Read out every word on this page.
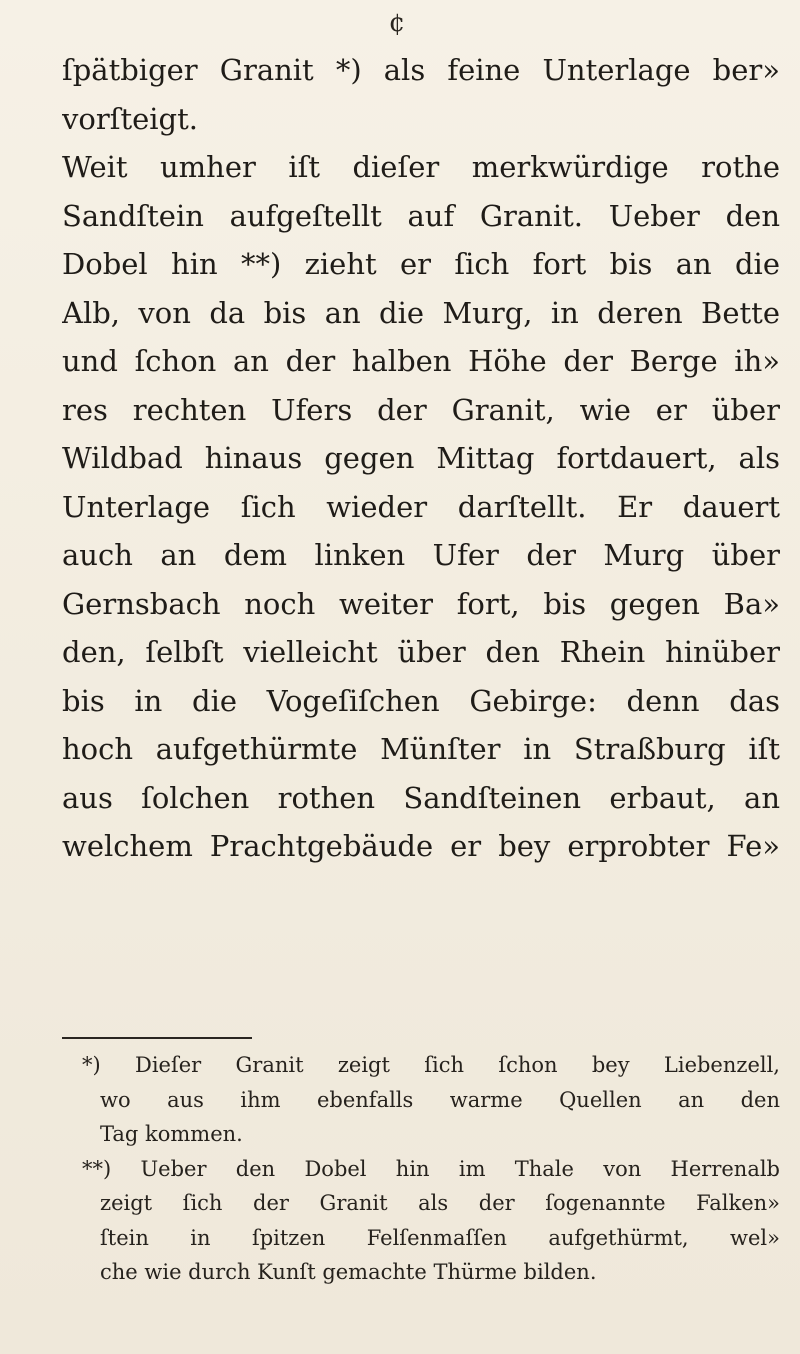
¢
ſpätbiger Granit *) als feine Unterlage ber»
vorſteigt.
Weit umher iſt dieſer merkwürdige rothe
Sandſtein aufgeſtellt auf Granit. Ueber den
Dobel hin **) zieht er ſich fort bis an die
Alb, von da bis an die Murg, in deren Bette
und ſchon an der halben Höhe der Berge ih»
res rechten Ufers der Granit, wie er über
Wildbad hinaus gegen Mittag fortdauert, als
Unterlage ſich wieder darſtellt. Er dauert
auch an dem linken Ufer der Murg über
Gernsbach noch weiter fort, bis gegen Ba»
den, ſelbſt vielleicht über den Rhein hinüber
bis in die Vogeſiſchen Gebirge: denn das
hoch aufgethürmte Münſter in Straßburg iſt
aus ſolchen rothen Sandſteinen erbaut, an
welchem Prachtgebäude er bey erprobter Fe»
*) Dieſer Granit zeigt ſich ſchon bey Liebenzell,
wo aus ihm ebenfalls warme Quellen an den
Tag kommen.
**) Ueber den Dobel hin im Thale von Herrenalb
zeigt ſich der Granit als der ſogenannte Falken»
ſtein in ſpitzen Felſenmaſſen aufgethürmt, wel»
che wie durch Kunſt gemachte Thürme bilden.
